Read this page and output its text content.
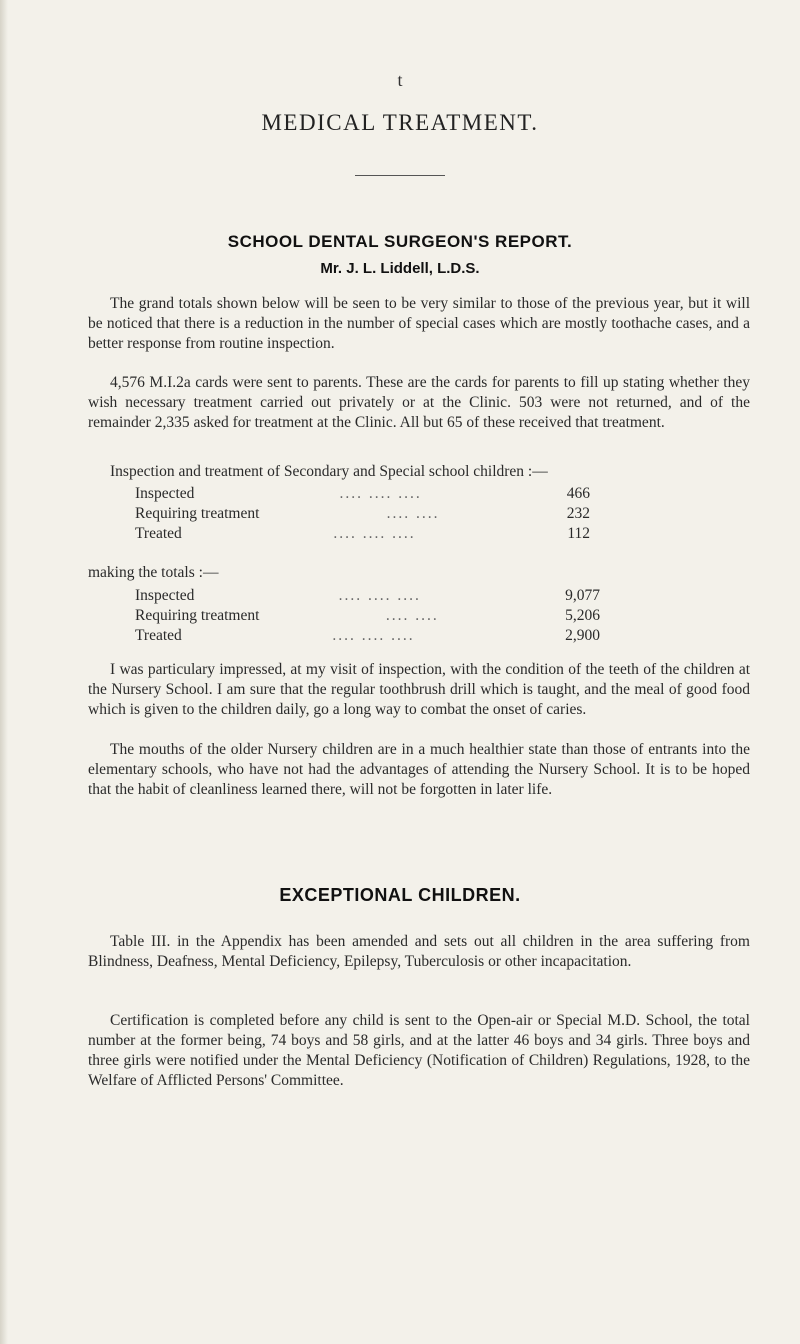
t
MEDICAL TREATMENT.
SCHOOL DENTAL SURGEON'S REPORT.
Mr. J. L. Liddell, L.D.S.

The grand totals shown below will be seen to be very similar to those of the previous year, but it will be noticed that there is a reduction in the number of special cases which are mostly toothache cases, and a better response from routine inspection.

4,576 M.I.2a cards were sent to parents. These are the cards for parents to fill up stating whether they wish necessary treatment carried out privately or at the Clinic. 503 were not returned, and of the remainder 2,335 asked for treatment at the Clinic. All but 65 of these received that treatment.

Inspection and treatment of Secondary and Special school children :—
Inspected	.... .... ....	466
Requiring treatment	.... ....	232
Treated	.... .... ....	112
making the totals :—
Inspected	.... .... ....	9,077
Requiring treatment	.... ....	5,206
Treated	.... .... ....	2,900

I was particulary impressed, at my visit of inspection, with the condition of the teeth of the children at the Nursery School. I am sure that the regular toothbrush drill which is taught, and the meal of good food which is given to the children daily, go a long way to combat the onset of caries.

The mouths of the older Nursery children are in a much healthier state than those of entrants into the elementary schools, who have not had the advantages of attending the Nursery School. It is to be hoped that the habit of cleanliness learned there, will not be forgotten in later life.

EXCEPTIONAL CHILDREN.

Table III. in the Appendix has been amended and sets out all children in the area suffering from Blindness, Deafness, Mental Deficiency, Epilepsy, Tuberculosis or other incapacitation.

Certification is completed before any child is sent to the Open-air or Special M.D. School, the total number at the former being, 74 boys and 58 girls, and at the latter 46 boys and 34 girls. Three boys and three girls were notified under the Mental Deficiency (Notification of Children) Regulations, 1928, to the Welfare of Afflicted Persons' Committee.
